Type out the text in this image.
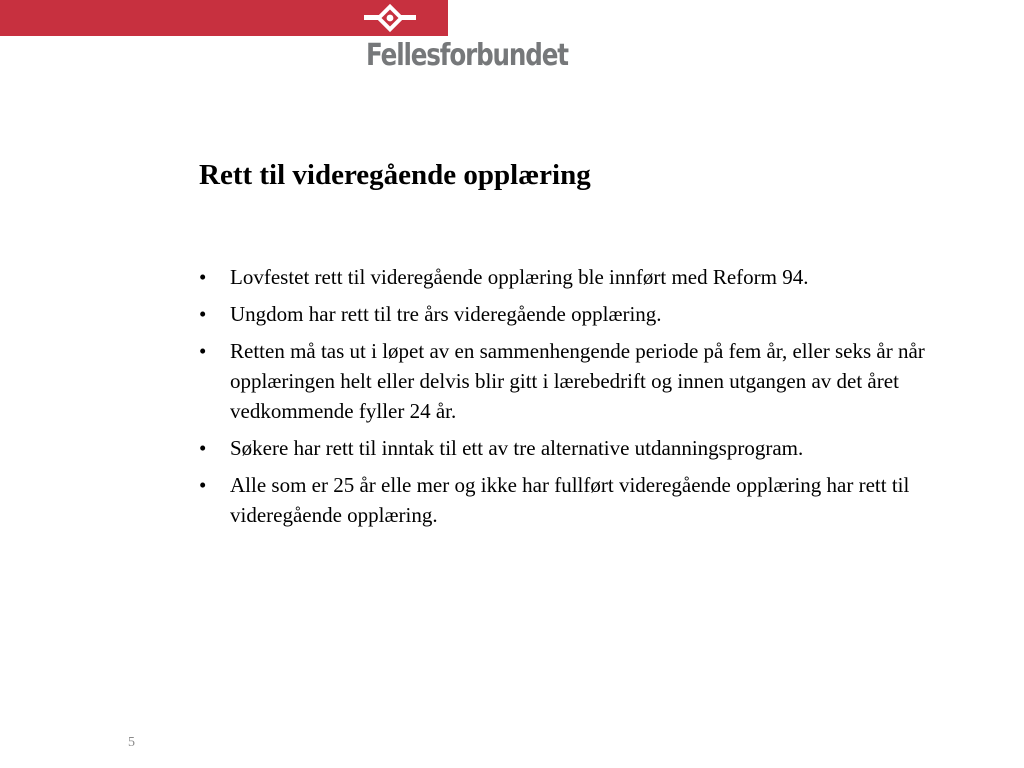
Fellesforbundet
Rett til videregående opplæring
• Lovfestet rett til videregående opplæring ble innført med Reform 94.
• Ungdom har rett til tre års videregående opplæring.
• Retten må tas ut i løpet av en sammenhengende periode på fem år, eller seks år når opplæringen helt eller delvis blir gitt i lærebedrift og innen utgangen av det året vedkommende fyller 24 år.
• Søkere har rett til inntak til ett av tre alternative utdanningsprogram.
• Alle som er 25 år elle mer og ikke har fullført videregående opplæring har rett til videregående opplæring.
5
